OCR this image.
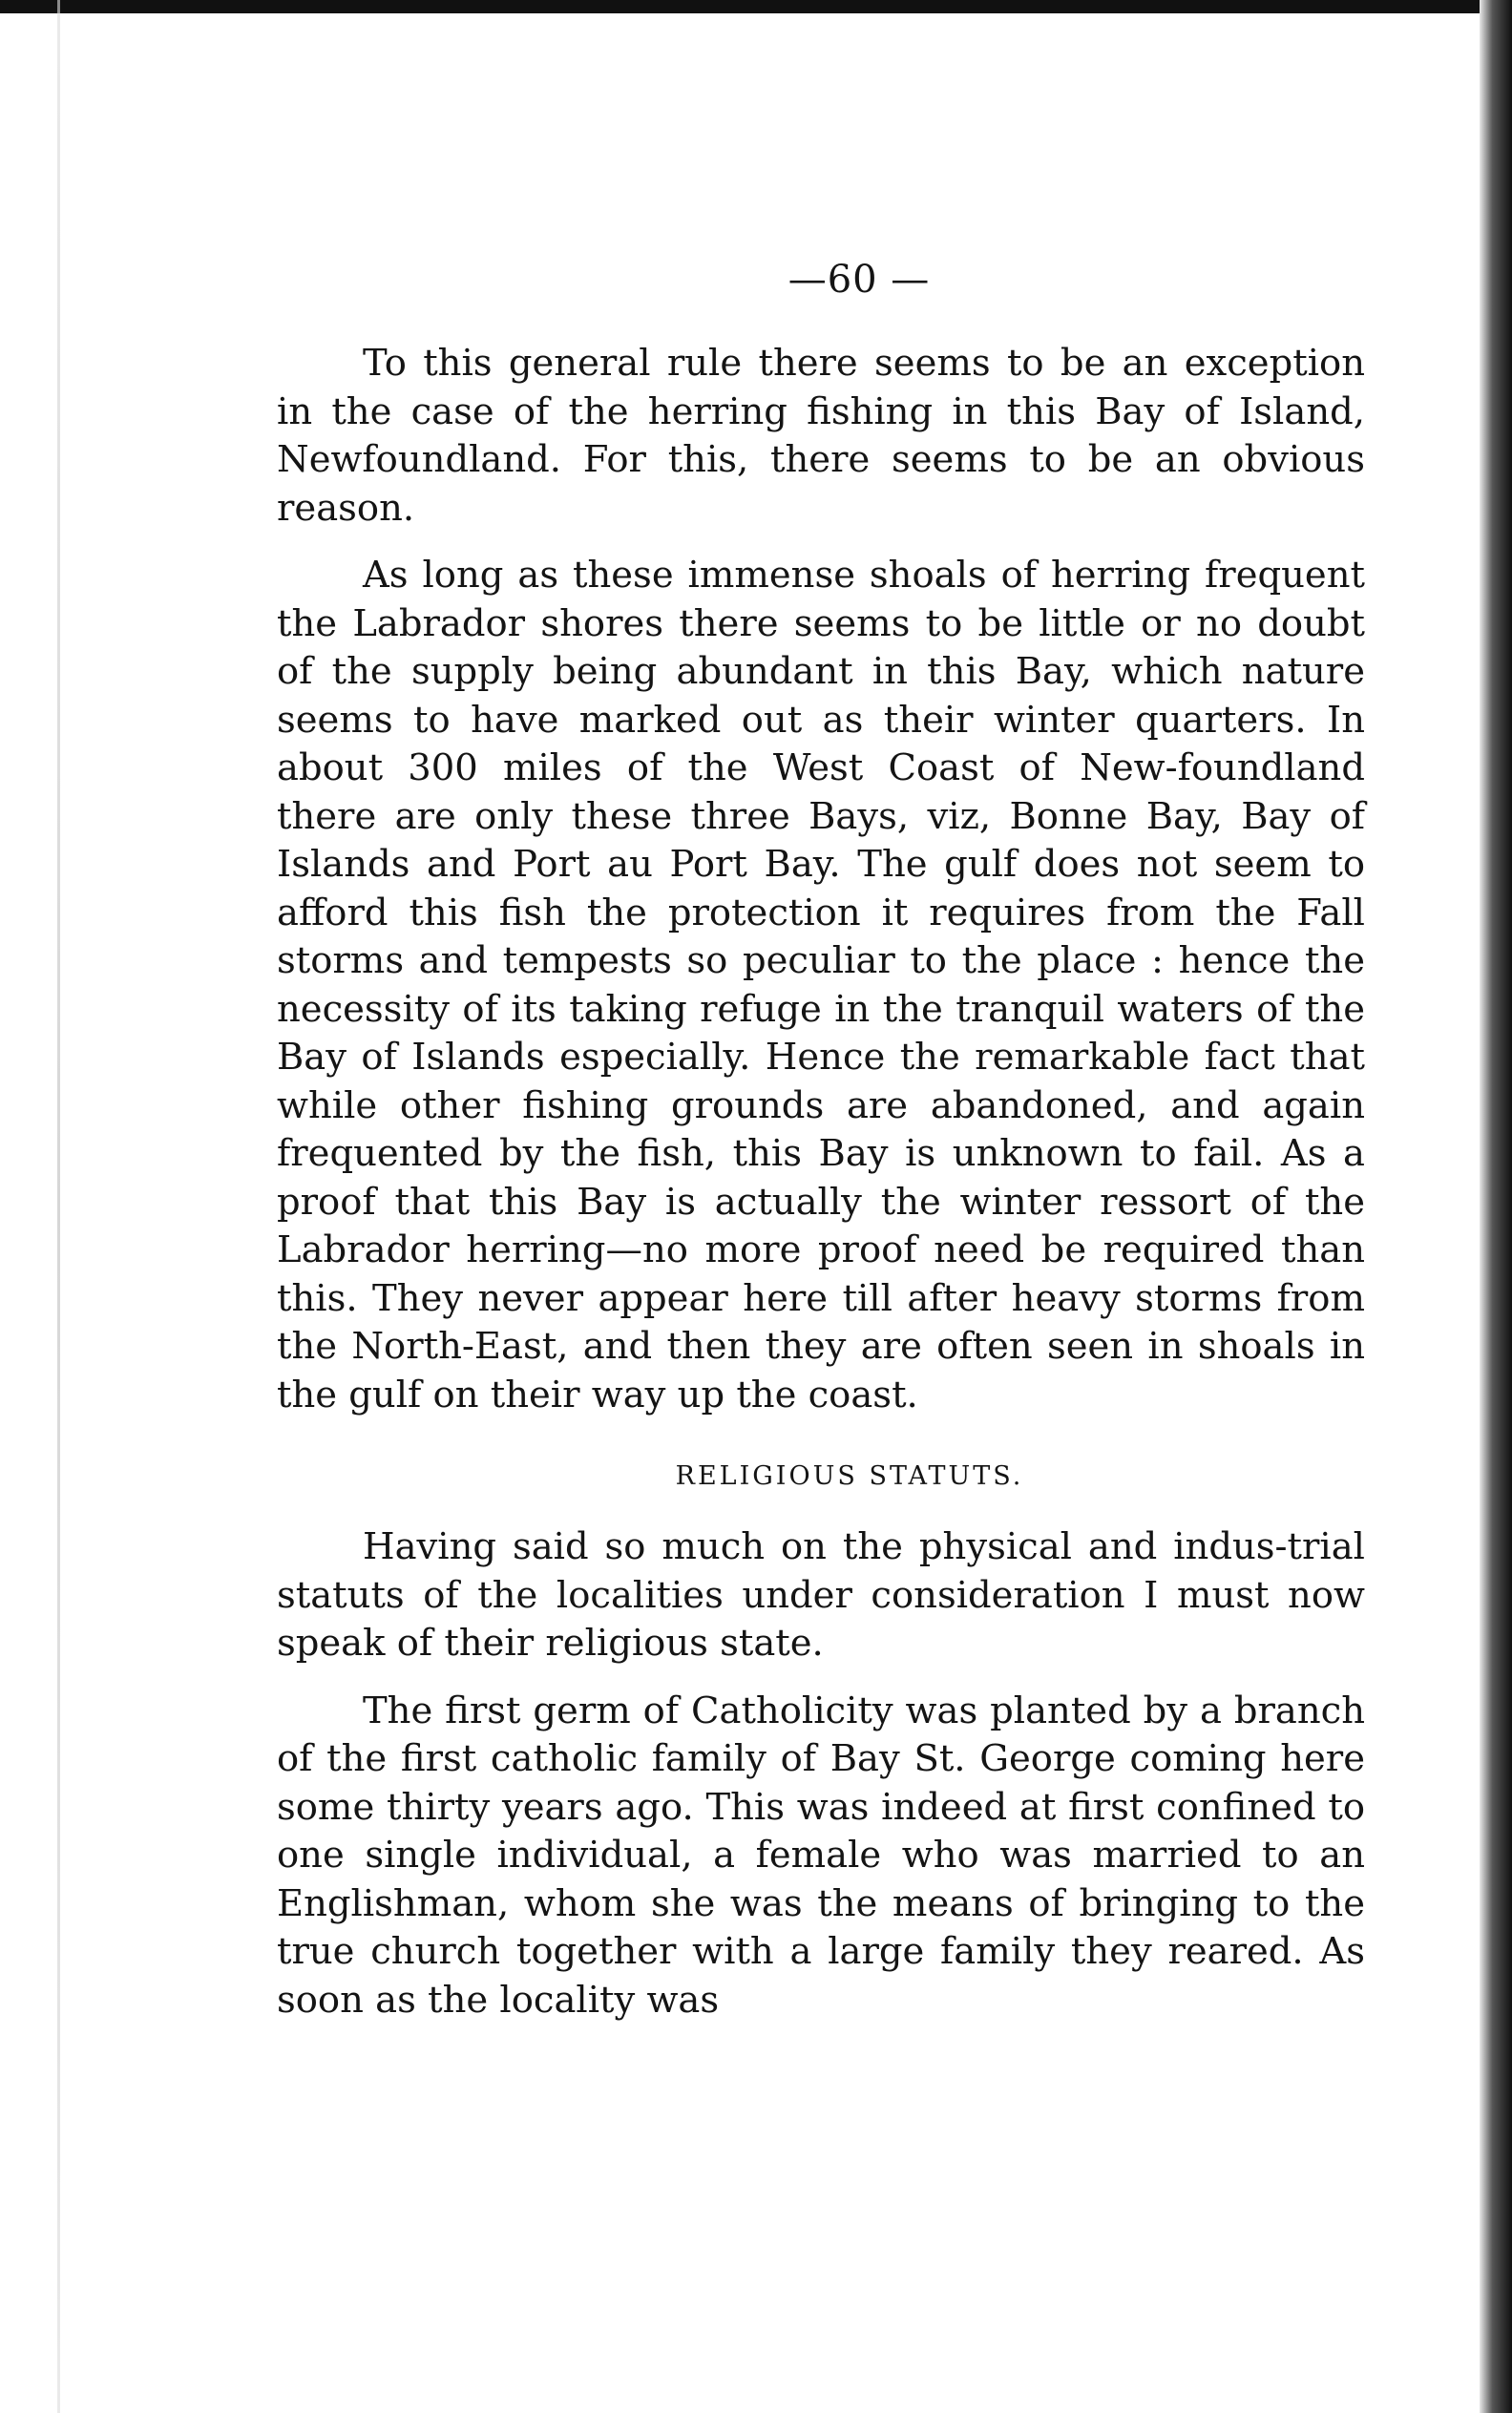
—60 —

To this general rule there seems to be an exception in the case of the herring fishing in this Bay of Island, Newfoundland. For this, there seems to be an obvious reason.

As long as these immense shoals of herring frequent the Labrador shores there seems to be little or no doubt of the supply being abundant in this Bay, which nature seems to have marked out as their winter quarters. In about 300 miles of the West Coast of New-foundland there are only these three Bays, viz, Bonne Bay, Bay of Islands and Port au Port Bay. The gulf does not seem to afford this fish the protection it requires from the Fall storms and tempests so peculiar to the place : hence the necessity of its taking refuge in the tranquil waters of the Bay of Islands especially. Hence the remarkable fact that while other fishing grounds are abandoned, and again frequented by the fish, this Bay is unknown to fail. As a proof that this Bay is actually the winter ressort of the Labrador herring—no more proof need be required than this. They never appear here till after heavy storms from the North-East, and then they are often seen in shoals in the gulf on their way up the coast.

RELIGIOUS STATUTS.

Having said so much on the physical and indus-trial statuts of the localities under consideration I must now speak of their religious state.

The first germ of Catholicity was planted by a branch of the first catholic family of Bay St. George coming here some thirty years ago. This was indeed at first confined to one single individual, a female who was married to an Englishman, whom she was the means of bringing to the true church together with a large family they reared. As soon as the locality was
